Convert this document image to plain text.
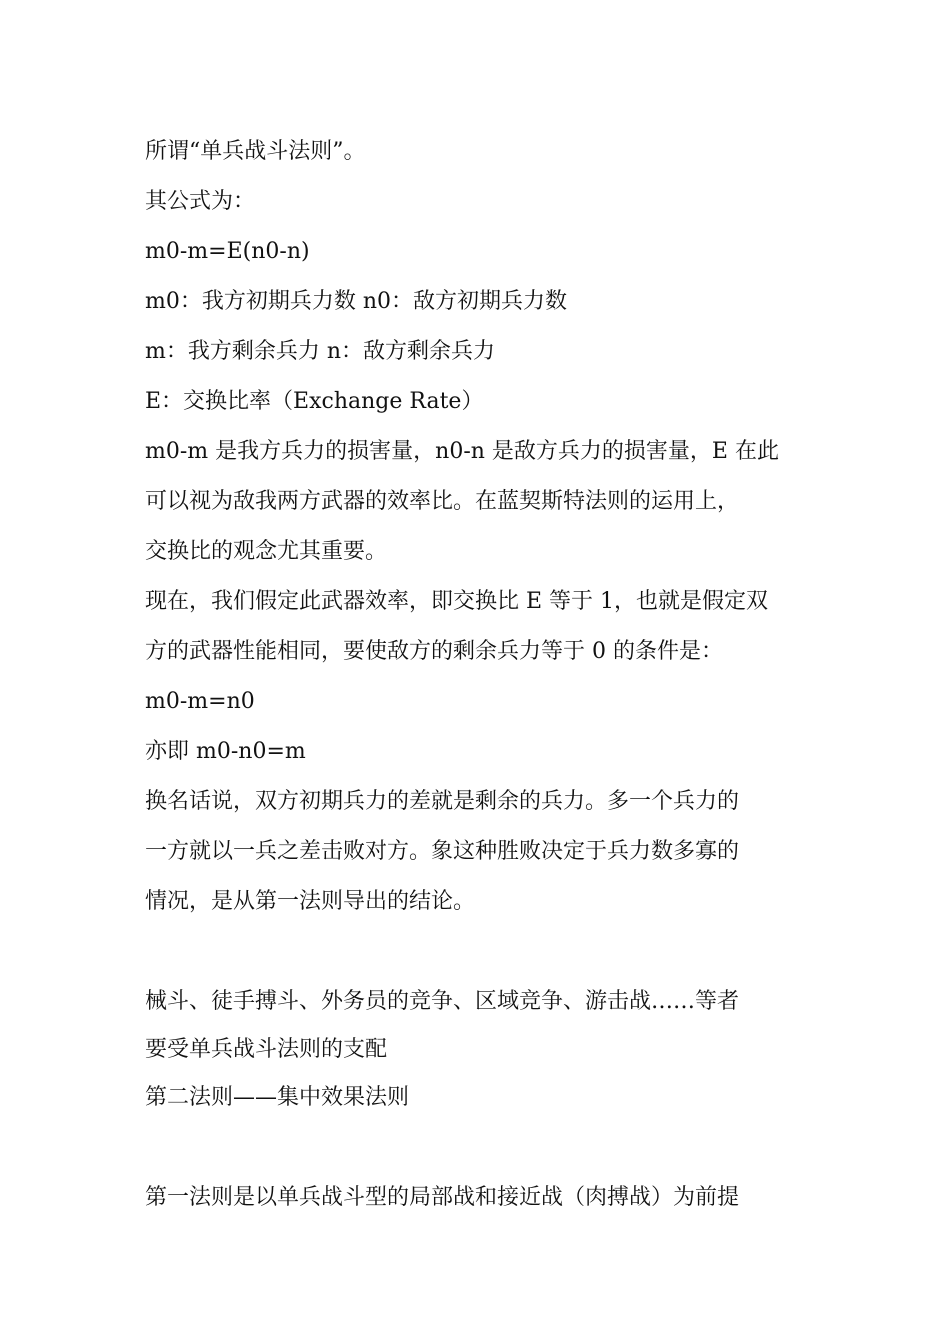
所谓“单兵战斗法则”。
其公式为：
m0-m=E(n0-n)
m0：我方初期兵力数 n0：敌方初期兵力数
m：我方剩余兵力 n：敌方剩余兵力
E：交换比率（Exchange Rate）
m0-m 是我方兵力的损害量，n0-n 是敌方兵力的损害量，E 在此
可以视为敌我两方武器的效率比。在蓝契斯特法则的运用上，
交换比的观念尤其重要。
现在，我们假定此武器效率，即交换比 E 等于 1，也就是假定双
方的武器性能相同，要使敌方的剩余兵力等于 0 的条件是：
m0-m=n0
亦即 m0-n0=m
换名话说，双方初期兵力的差就是剩余的兵力。多一个兵力的
一方就以一兵之差击败对方。象这种胜败决定于兵力数多寡的
情况，是从第一法则导出的结论。
械斗、徒手搏斗、外务员的竞争、区域竞争、游击战……等者
要受单兵战斗法则的支配
第二法则——集中效果法则
第一法则是以单兵战斗型的局部战和接近战（肉搏战）为前提
